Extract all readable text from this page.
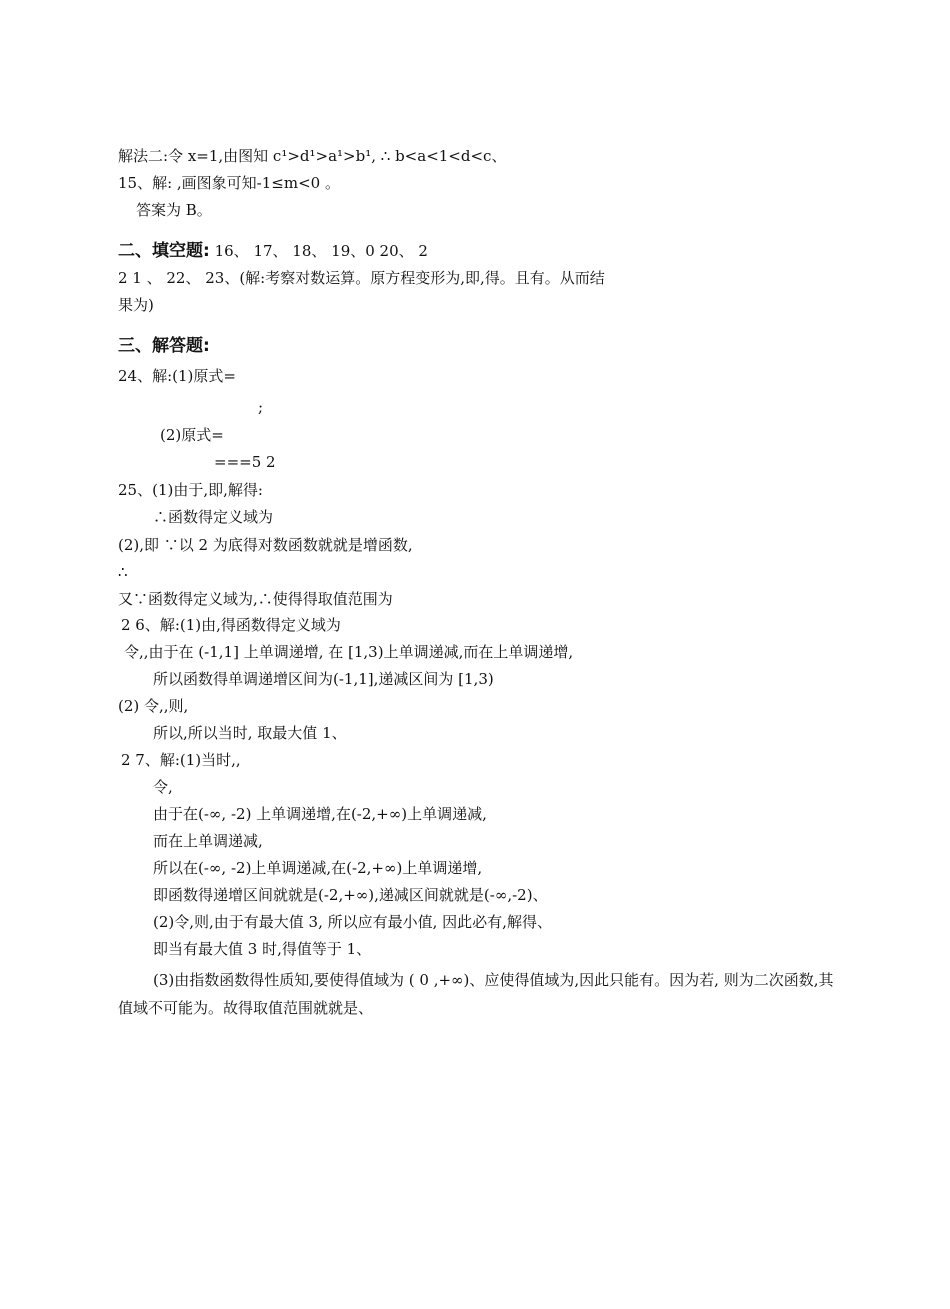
解法二:令 x=1,由图知 c¹>d¹>a¹>b¹, ∴ b<a<1<d<c、
15、解: ,画图象可知-1≤m<0 。
答案为 B。
二、填空题: 16、 17、 18、 19、0 20、 2
2 1 、 22、 23、(解:考察对数运算。原方程变形为,即,得。且有。从而结
果为)
三、解答题:
24、解:(1)原式=
;
(2)原式=
===5 2
25、(1)由于,即,解得:
∴函数得定义域为
(2),即 ∵以 2 为底得对数函数就就是增函数,
∴
又∵函数得定义域为,∴使得得取值范围为
2 6、解:(1)由,得函数得定义域为
令,,由于在 (-1,1] 上单调递增, 在 [1,3)上单调递减,而在上单调递增,
所以函数得单调递增区间为(-1,1],递减区间为 [1,3)
(2) 令,,则,
所以,所以当时, 取最大值 1、
2 7、解:(1)当时,,
令,
由于在(-∞, -2) 上单调递增,在(-2,+∞)上单调递减,
而在上单调递减,
所以在(-∞, -2)上单调递减,在(-2,+∞)上单调递增,
即函数得递增区间就就是(-2,+∞),递减区间就就是(-∞,-2)、
(2)令,则,由于有最大值 3, 所以应有最小值, 因此必有,解得、
即当有最大值 3 时,得值等于 1、
(3)由指数函数得性质知,要使得值域为 ( 0 ,+∞)、应使得值域为,因此只能有。因为若, 则为二次函数,其值域不可能为。故得取值范围就就是、
